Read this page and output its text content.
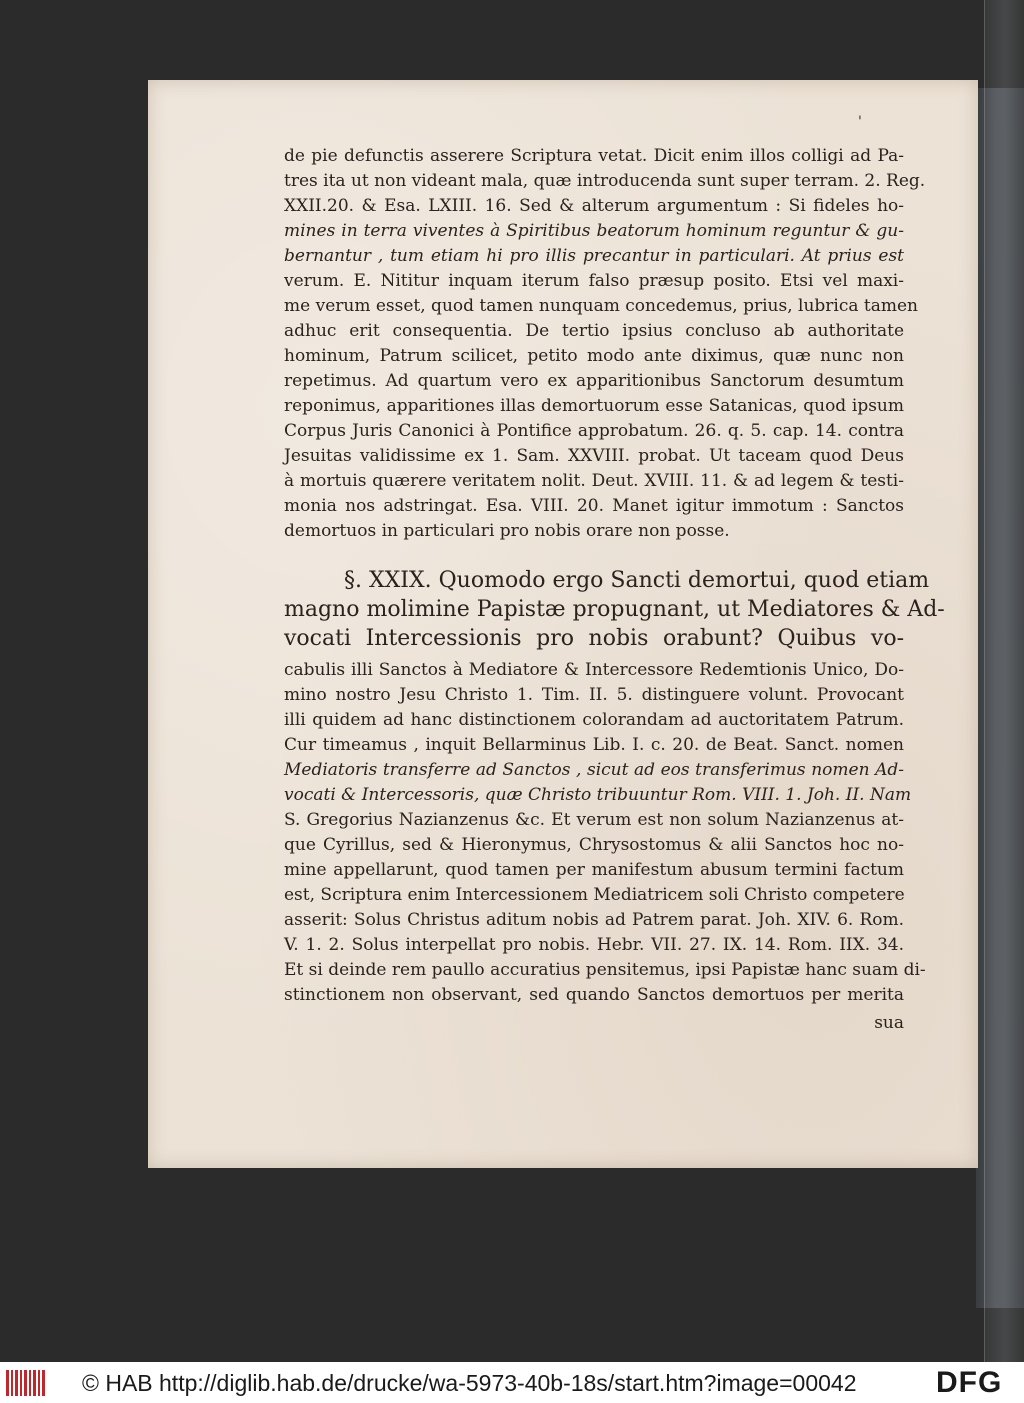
'
de pie defunctis asserere Scriptura vetat. Dicit enim illos colligi ad Pa-
tres ita ut non videant mala, quæ introducenda sunt super terram. 2. Reg.
XXII.20. & Esa. LXIII. 16. Sed & alterum argumentum : Si fideles ho-
mines in terra viventes à Spiritibus beatorum hominum reguntur & gu-
bernantur , tum etiam hi pro illis precantur in particulari. At prius est
verum. E. Nititur inquam iterum falso præsup posito. Etsi vel maxi-
me verum esset, quod tamen nunquam concedemus, prius, lubrica tamen
adhuc erit consequentia. De tertio ipsius concluso ab authoritate
hominum, Patrum scilicet, petito modo ante diximus, quæ nunc non
repetimus. Ad quartum vero ex apparitionibus Sanctorum desumtum
reponimus, apparitiones illas demortuorum esse Satanicas, quod ipsum
Corpus Juris Canonici à Pontifice approbatum. 26. q. 5. cap. 14. contra
Jesuitas validissime ex 1. Sam. XXVIII. probat. Ut taceam quod Deus
à mortuis quærere veritatem nolit. Deut. XVIII. 11. & ad legem & testi-
monia nos adstringat. Esa. VIII. 20. Manet igitur immotum : Sanctos
demortuos in particulari pro nobis orare non posse.
§. XXIX. Quomodo ergo Sancti demortui, quod etiam
magno molimine Papistæ propugnant, ut Mediatores & Ad-
vocati Intercessionis pro nobis orabunt? Quibus vo-
cabulis illi Sanctos à Mediatore & Intercessore Redemtionis Unico, Do-
mino nostro Jesu Christo 1. Tim. II. 5. distinguere volunt. Provocant
illi quidem ad hanc distinctionem colorandam ad auctoritatem Patrum.
Cur timeamus , inquit Bellarminus Lib. I. c. 20. de Beat. Sanct. nomen
Mediatoris transferre ad Sanctos , sicut ad eos transferimus nomen Ad-
vocati & Intercessoris, quæ Christo tribuuntur Rom. VIII. 1. Joh. II. Nam
S. Gregorius Nazianzenus &c. Et verum est non solum Nazianzenus at-
que Cyrillus, sed & Hieronymus, Chrysostomus & alii Sanctos hoc no-
mine appellarunt, quod tamen per manifestum abusum termini factum
est, Scriptura enim Intercessionem Mediatricem soli Christo competere
asserit: Solus Christus aditum nobis ad Patrem parat. Joh. XIV. 6. Rom.
V. 1. 2. Solus interpellat pro nobis. Hebr. VII. 27. IX. 14. Rom. IIX. 34.
Et si deinde rem paullo accuratius pensitemus, ipsi Papistæ hanc suam di-
stinctionem non observant, sed quando Sanctos demortuos per merita
sua
© HAB http://diglib.hab.de/drucke/wa-5973-40b-18s/start.htm?image=00042	DFG
